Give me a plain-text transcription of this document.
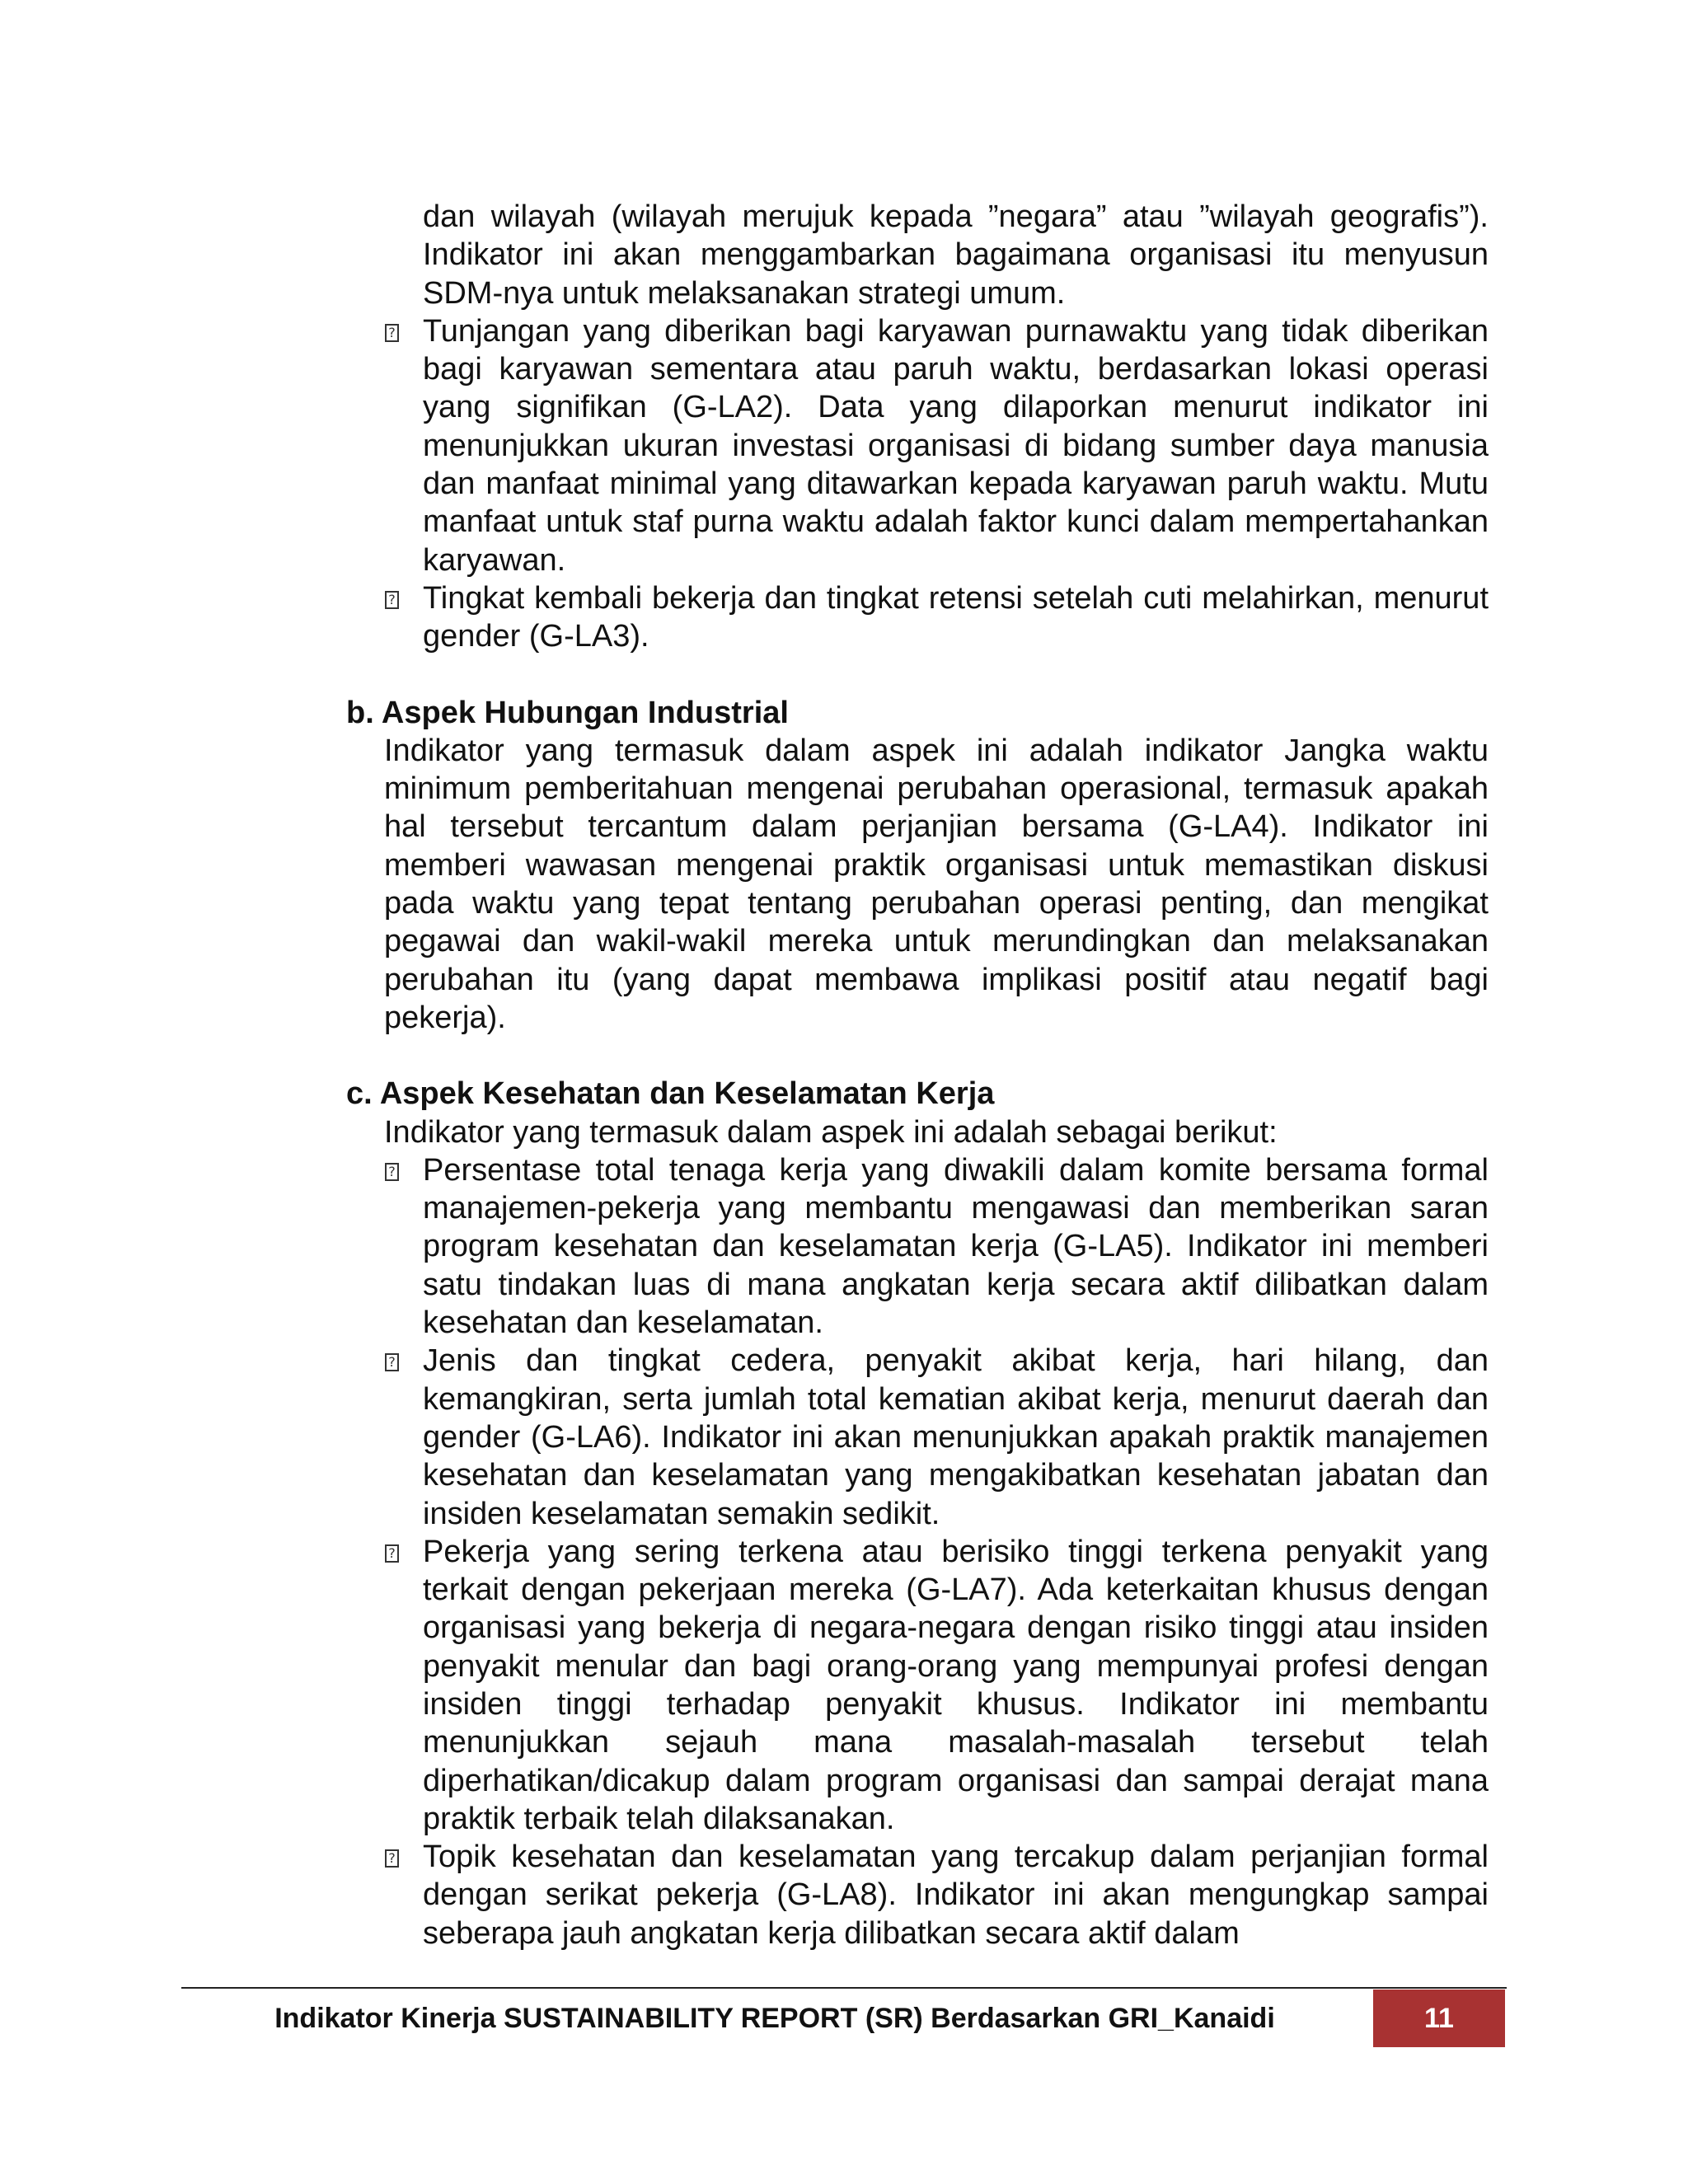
dan wilayah (wilayah merujuk kepada ”negara” atau ”wilayah geografis”). Indikator ini akan menggambarkan bagaimana organisasi itu menyusun SDM-nya untuk melaksanakan strategi umum.
?
Tunjangan yang diberikan bagi karyawan purnawaktu yang tidak diberikan bagi karyawan sementara atau paruh waktu, berdasarkan lokasi operasi yang signifikan (G-LA2). Data yang dilaporkan menurut indikator ini menunjukkan ukuran investasi organisasi di bidang sumber daya manusia dan manfaat minimal yang ditawarkan kepada karyawan paruh waktu. Mutu manfaat untuk staf purna waktu adalah faktor kunci dalam mempertahankan karyawan.
?
Tingkat kembali bekerja dan tingkat retensi setelah cuti melahirkan, menurut gender (G-LA3).

b. Aspek Hubungan Industrial

Indikator yang termasuk dalam aspek ini adalah indikator Jangka waktu minimum pemberitahuan mengenai perubahan operasional, termasuk apakah hal tersebut tercantum dalam perjanjian bersama (G-LA4). Indikator ini memberi wawasan mengenai praktik organisasi untuk memastikan diskusi pada waktu yang tepat tentang perubahan operasi penting, dan mengikat pegawai dan wakil-wakil mereka untuk merundingkan dan melaksanakan perubahan itu (yang dapat membawa implikasi positif atau negatif bagi pekerja).

c. Aspek Kesehatan dan Keselamatan Kerja

Indikator yang termasuk dalam aspek ini adalah sebagai berikut:

?
Persentase total tenaga kerja yang diwakili dalam komite bersama formal manajemen-pekerja yang membantu mengawasi dan memberikan saran program kesehatan dan keselamatan kerja (G-LA5). Indikator ini memberi satu tindakan luas di mana angkatan kerja secara aktif dilibatkan dalam kesehatan dan keselamatan.
?
Jenis dan tingkat cedera, penyakit akibat kerja, hari hilang, dan kemangkiran, serta jumlah total kematian akibat kerja, menurut daerah dan gender (G-LA6). Indikator ini akan menunjukkan apakah praktik manajemen kesehatan dan keselamatan yang mengakibatkan kesehatan jabatan dan insiden keselamatan semakin sedikit.
?
Pekerja yang sering terkena atau berisiko tinggi terkena penyakit yang terkait dengan pekerjaan mereka (G-LA7). Ada keterkaitan khusus dengan organisasi yang bekerja di negara-negara dengan risiko tinggi atau insiden penyakit menular dan bagi orang-orang yang mempunyai profesi dengan insiden tinggi terhadap penyakit khusus. Indikator ini membantu menunjukkan sejauh mana masalah-masalah tersebut telah diperhatikan/dicakup dalam program organisasi dan sampai derajat mana praktik terbaik telah dilaksanakan.
?
Topik kesehatan dan keselamatan yang tercakup dalam perjanjian formal dengan serikat pekerja (G-LA8). Indikator ini akan mengungkap sampai seberapa jauh angkatan kerja dilibatkan secara aktif dalam
Indikator Kinerja SUSTAINABILITY REPORT (SR) Berdasarkan GRI_Kanaidi	11
